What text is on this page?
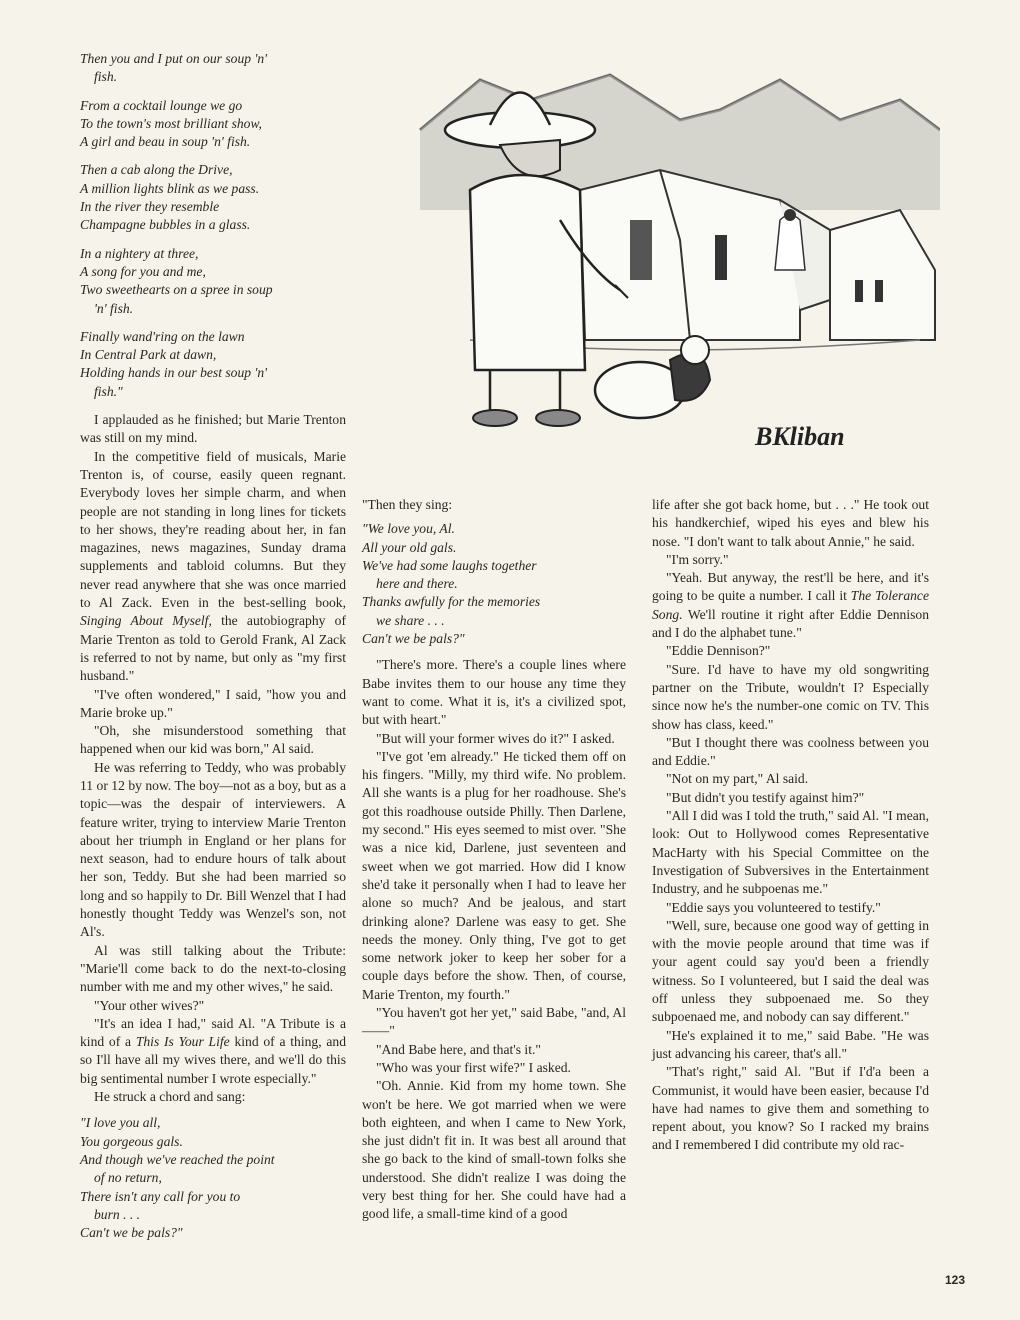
Then you and I put on our soup 'n'
fish.
From a cocktail lounge we go
To the town's most brilliant show,
A girl and beau in soup 'n' fish.
Then a cab along the Drive,
A million lights blink as we pass.
In the river they resemble
Champagne bubbles in a glass.
In a nightery at three,
A song for you and me,
Two sweethearts on a spree in soup
'n' fish.
Finally wand'ring on the lawn
In Central Park at dawn,
Holding hands in our best soup 'n'
fish."

I applauded as he finished; but Marie Trenton was still on my mind.

In the competitive field of musicals, Marie Trenton is, of course, easily queen regnant. Everybody loves her simple charm, and when people are not standing in long lines for tickets to her shows, they're reading about her, in fan magazines, news magazines, Sunday drama supplements and tabloid columns. But they never read anywhere that she was once married to Al Zack. Even in the best-selling book, Singing About Myself, the autobiography of Marie Trenton as told to Gerold Frank, Al Zack is referred to not by name, but only as "my first husband."

"I've often wondered," I said, "how you and Marie broke up."

"Oh, she misunderstood something that happened when our kid was born," Al said.

He was referring to Teddy, who was probably 11 or 12 by now. The boy—not as a boy, but as a topic—was the despair of interviewers. A feature writer, trying to interview Marie Trenton about her triumph in England or her plans for next season, had to endure hours of talk about her son, Teddy. But she had been married so long and so happily to Dr. Bill Wenzel that I had honestly thought Teddy was Wenzel's son, not Al's.

Al was still talking about the Tribute: "Marie'll come back to do the next-to-closing number with me and my other wives," he said.

"Your other wives?"

"It's an idea I had," said Al. "A Tribute is a kind of a This Is Your Life kind of a thing, and so I'll have all my wives there, and we'll do this big sentimental number I wrote especially."

He struck a chord and sang:

"I love you all,
You gorgeous gals.
And though we've reached the point
of no return,
There isn't any call for you to
burn . . .
Can't we be pals?"
BKliban

"Then they sing:

"We love you, Al.
All your old gals.
We've had some laughs together
here and there.
Thanks awfully for the memories
we share . . .
Can't we be pals?"

"There's more. There's a couple lines where Babe invites them to our house any time they want to come. What it is, it's a civilized spot, but with heart."

"But will your former wives do it?" I asked.

"I've got 'em already." He ticked them off on his fingers. "Milly, my third wife. No problem. All she wants is a plug for her roadhouse. She's got this roadhouse outside Philly. Then Darlene, my second." His eyes seemed to mist over. "She was a nice kid, Darlene, just seventeen and sweet when we got married. How did I know she'd take it personally when I had to leave her alone so much? And be jealous, and start drinking alone? Darlene was easy to get. She needs the money. Only thing, I've got to get some network joker to keep her sober for a couple days before the show. Then, of course, Marie Trenton, my fourth."

"You haven't got her yet," said Babe, "and, Al——"

"And Babe here, and that's it."

"Who was your first wife?" I asked.

"Oh. Annie. Kid from my home town. She won't be here. We got married when we were both eighteen, and when I came to New York, she just didn't fit in. It was best all around that she go back to the kind of small-town folks she understood. She didn't realize I was doing the very best thing for her. She could have had a good life, a small-time kind of a good

life after she got back home, but . . ." He took out his handkerchief, wiped his eyes and blew his nose. "I don't want to talk about Annie," he said.

"I'm sorry."

"Yeah. But anyway, the rest'll be here, and it's going to be quite a number. I call it The Tolerance Song. We'll routine it right after Eddie Dennison and I do the alphabet tune."

"Eddie Dennison?"

"Sure. I'd have to have my old songwriting partner on the Tribute, wouldn't I? Especially since now he's the number-one comic on TV. This show has class, keed."

"But I thought there was coolness between you and Eddie."

"Not on my part," Al said.

"But didn't you testify against him?"

"All I did was I told the truth," said Al. "I mean, look: Out to Hollywood comes Representative MacHarty with his Special Committee on the Investigation of Subversives in the Entertainment Industry, and he subpoenas me."

"Eddie says you volunteered to testify."

"Well, sure, because one good way of getting in with the movie people around that time was if your agent could say you'd been a friendly witness. So I volunteered, but I said the deal was off unless they subpoenaed me. So they subpoenaed me, and nobody can say different."

"He's explained it to me," said Babe. "He was just advancing his career, that's all."

"That's right," said Al. "But if I'd'a been a Communist, it would have been easier, because I'd have had names to give them and something to repent about, you know? So I racked my brains and I remembered I did contribute my old rac-

123
